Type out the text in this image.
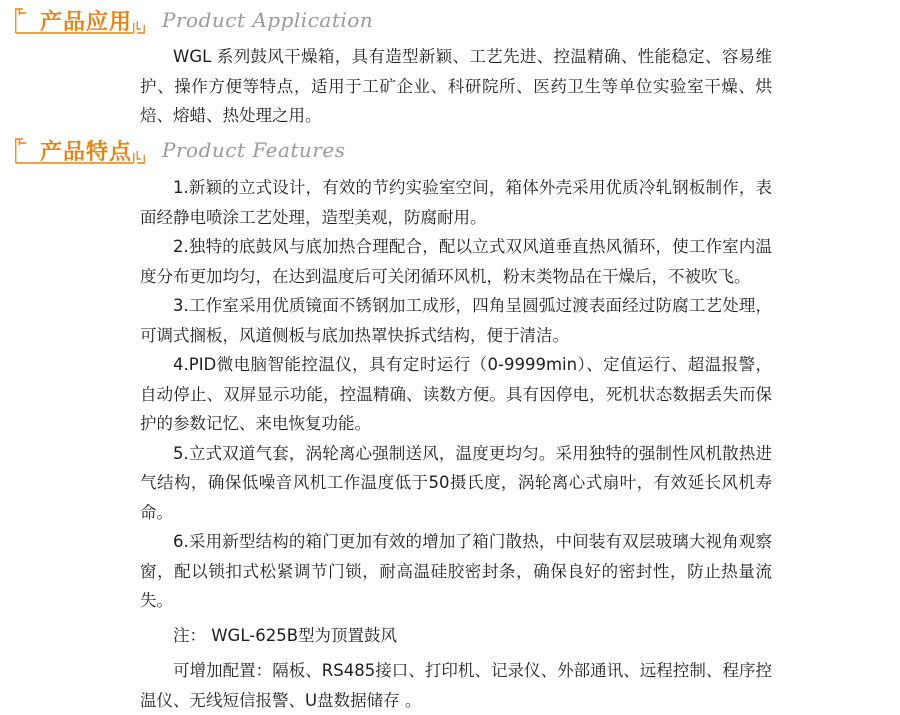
产品应用 Product Application
WGL 系列鼓风干燥箱，具有造型新颖、工艺先进、控温精确、性能稳定、容易维护、操作方便等特点，适用于工矿企业、科研院所、医药卫生等单位实验室干燥、烘焙、熔蜡、热处理之用。
产品特点 Product Features

1.新颖的立式设计，有效的节约实验室空间，箱体外壳采用优质冷轧钢板制作，表面经静电喷涂工艺处理，造型美观，防腐耐用。

2.独特的底鼓风与底加热合理配合，配以立式双风道垂直热风循环，使工作室内温度分布更加均匀，在达到温度后可关闭循环风机，粉末类物品在干燥后，不被吹飞。

3.工作室采用优质镜面不锈钢加工成形，四角呈圆弧过渡表面经过防腐工艺处理，可调式搁板，风道侧板与底加热罩快拆式结构，便于清洁。

4.PID微电脑智能控温仪，具有定时运行（0-9999min）、定值运行、超温报警，自动停止、双屏显示功能，控温精确、读数方便。具有因停电，死机状态数据丢失而保护的参数记忆、来电恢复功能。

5.立式双道气套，涡轮离心强制送风，温度更均匀。采用独特的强制性风机散热进气结构，确保低噪音风机工作温度低于50摄氏度，涡轮离心式扇叶，有效延长风机寿命。

6.采用新型结构的箱门更加有效的增加了箱门散热，中间装有双层玻璃大视角观察窗，配以锁扣式松紧调节门锁，耐高温硅胶密封条，确保良好的密封性，防止热量流失。

注： WGL-625B型为顶置鼓风
可增加配置：隔板、RS485接口、打印机、记录仪、外部通讯、远程控制、程序控温仪、无线短信报警、U盘数据储存 。
